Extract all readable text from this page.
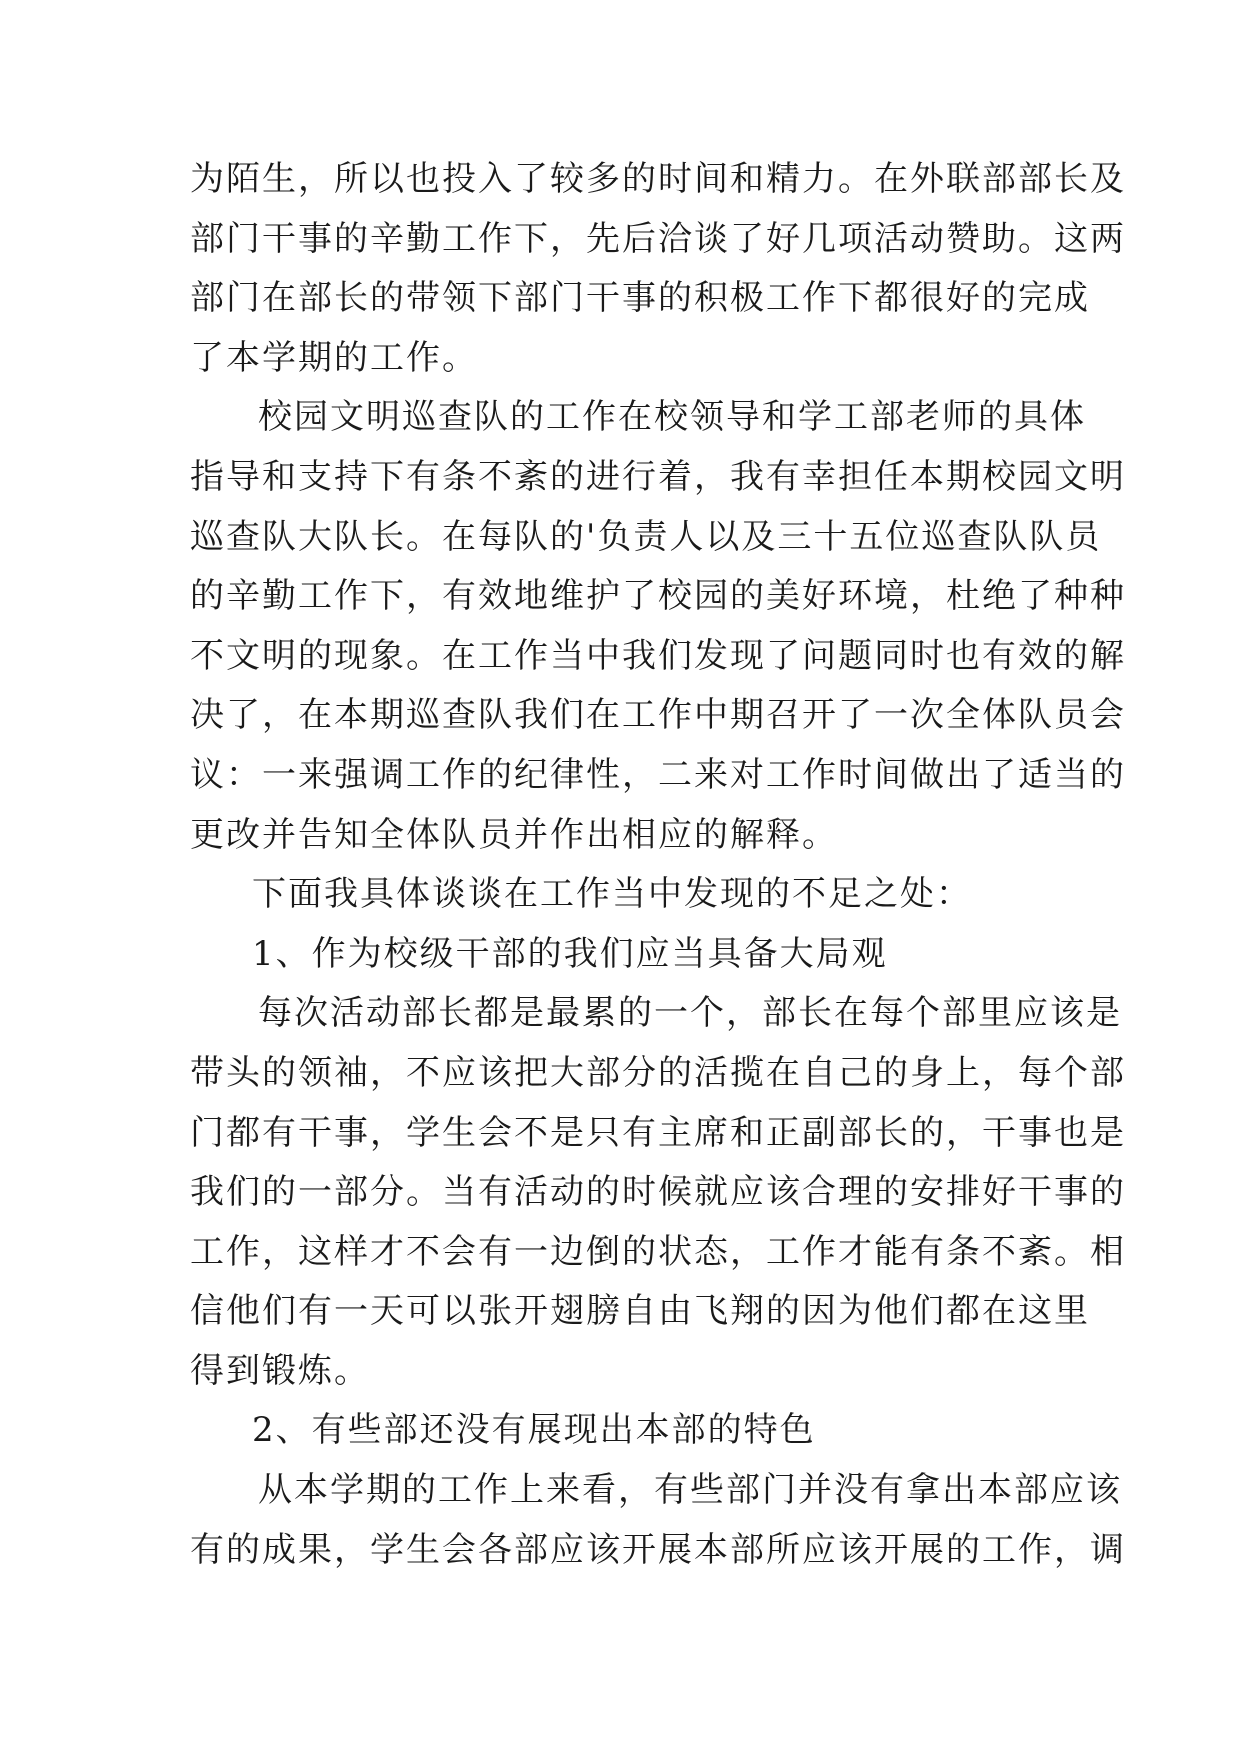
为陌生，所以也投入了较多的时间和精力。在外联部部长及
部门干事的辛勤工作下，先后洽谈了好几项活动赞助。这两
部门在部长的带领下部门干事的积极工作下都很好的完成
了本学期的工作。
校园文明巡查队的工作在校领导和学工部老师的具体
指导和支持下有条不紊的进行着，我有幸担任本期校园文明
巡查队大队长。在每队的'负责人以及三十五位巡查队队员
的辛勤工作下，有效地维护了校园的美好环境，杜绝了种种
不文明的现象。在工作当中我们发现了问题同时也有效的解
决了，在本期巡查队我们在工作中期召开了一次全体队员会
议：一来强调工作的纪律性，二来对工作时间做出了适当的
更改并告知全体队员并作出相应的解释。
下面我具体谈谈在工作当中发现的不足之处：
1、作为校级干部的我们应当具备大局观
每次活动部长都是最累的一个，部长在每个部里应该是
带头的领袖，不应该把大部分的活揽在自己的身上，每个部
门都有干事，学生会不是只有主席和正副部长的，干事也是
我们的一部分。当有活动的时候就应该合理的安排好干事的
工作，这样才不会有一边倒的状态，工作才能有条不紊。相
信他们有一天可以张开翅膀自由飞翔的因为他们都在这里
得到锻炼。
2、有些部还没有展现出本部的特色
从本学期的工作上来看，有些部门并没有拿出本部应该
有的成果，学生会各部应该开展本部所应该开展的工作，调
